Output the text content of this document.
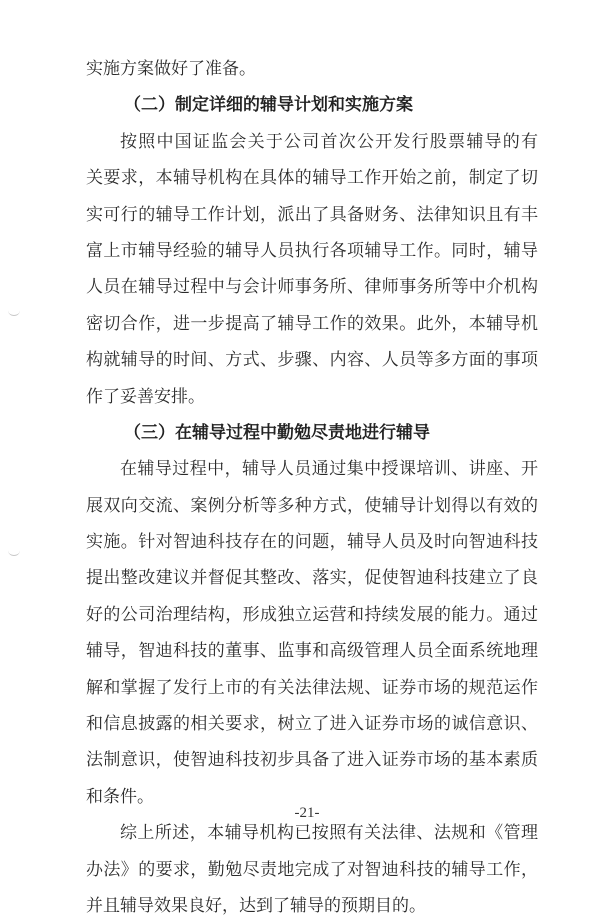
实施方案做好了准备。
（二）制定详细的辅导计划和实施方案
按照中国证监会关于公司首次公开发行股票辅导的有
关要求，本辅导机构在具体的辅导工作开始之前，制定了切
实可行的辅导工作计划，派出了具备财务、法律知识且有丰
富上市辅导经验的辅导人员执行各项辅导工作。同时，辅导
人员在辅导过程中与会计师事务所、律师事务所等中介机构
密切合作，进一步提高了辅导工作的效果。此外，本辅导机
构就辅导的时间、方式、步骤、内容、人员等多方面的事项
作了妥善安排。
（三）在辅导过程中勤勉尽责地进行辅导
在辅导过程中，辅导人员通过集中授课培训、讲座、开
展双向交流、案例分析等多种方式，使辅导计划得以有效的
实施。针对智迪科技存在的问题，辅导人员及时向智迪科技
提出整改建议并督促其整改、落实，促使智迪科技建立了良
好的公司治理结构，形成独立运营和持续发展的能力。通过
辅导，智迪科技的董事、监事和高级管理人员全面系统地理
解和掌握了发行上市的有关法律法规、证券市场的规范运作
和信息披露的相关要求，树立了进入证券市场的诚信意识、
法制意识，使智迪科技初步具备了进入证券市场的基本素质
和条件。
综上所述，本辅导机构已按照有关法律、法规和《管理
办法》的要求，勤勉尽责地完成了对智迪科技的辅导工作，
并且辅导效果良好，达到了辅导的预期目的。
-21-
